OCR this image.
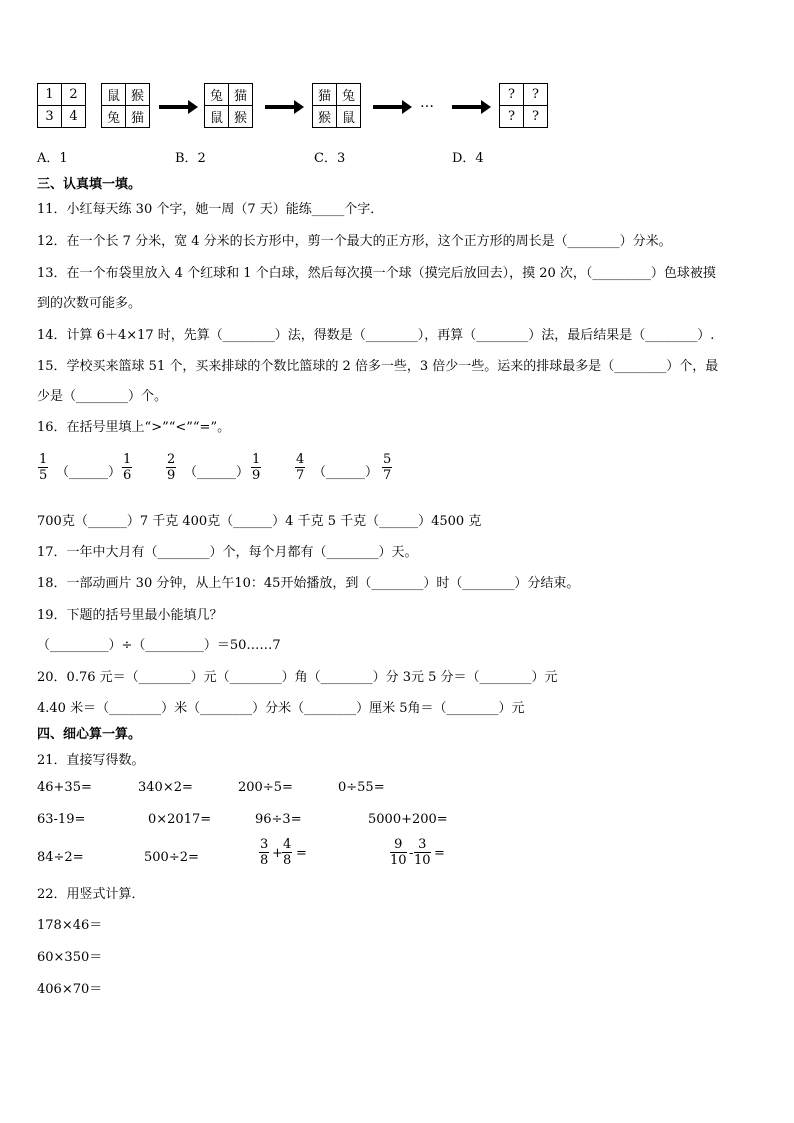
1	2
3	4
鼠	猴
兔	猫
兔	猫
鼠	猴
猫	兔
猴	鼠
…
?	?
?	?
A．1	B．2	C．3	D．4
三、认真填一填。
11．小红每天练 30 个字，她一周（7 天）能练_____个字．
12．在一个长 7 分米，宽 4 分米的长方形中，剪一个最大的正方形，这个正方形的周长是（________）分米。
13．在一个布袋里放入 4 个红球和 1 个白球，然后每次摸一个球（摸完后放回去），摸 20 次，（_________）色球被摸
到的次数可能多。
14．计算 6＋4×17 时，先算（________）法，得数是（________），再算（________）法，最后结果是（________）.
15．学校买来篮球 51 个，买来排球的个数比篮球的 2 倍多一些，3 倍少一些。运来的排球最多是（________）个，最
少是（________）个。
16．在括号里填上“>”“<”“=”。
$\frac{1}{5}$ （______） $\frac{1}{6}$	$\frac{2}{9}$ （______） $\frac{1}{9}$	$\frac{4}{7}$ （______） $\frac{5}{7}$
700克（______）7 千克 400克（______）4 千克 5 千克（______）4500 克
17．一年中大月有（________）个，每个月都有（________）天。
18．一部动画片 30 分钟，从上午10：45开始播放，到（________）时（________）分结束。
19．下题的括号里最小能填几？
（_________）÷（_________）＝50……7
20．0.76 元＝（________）元（________）角（________）分 3元 5 分＝（________）元
4.40 米＝（________）米（________）分米（________）厘米 5角＝（________）元
四、细心算一算。
21．直接写得数。
46+35=	340×2=	200÷5=	0÷55=
63-19=	0×2017=	96÷3=	5000+200=
84÷2=	500÷2=	$\frac{3}{8} + \frac{4}{8}$ =	$\frac{9}{10} - \frac{3}{10}$ =
22．用竖式计算．
178×46＝
60×350＝
406×70＝
